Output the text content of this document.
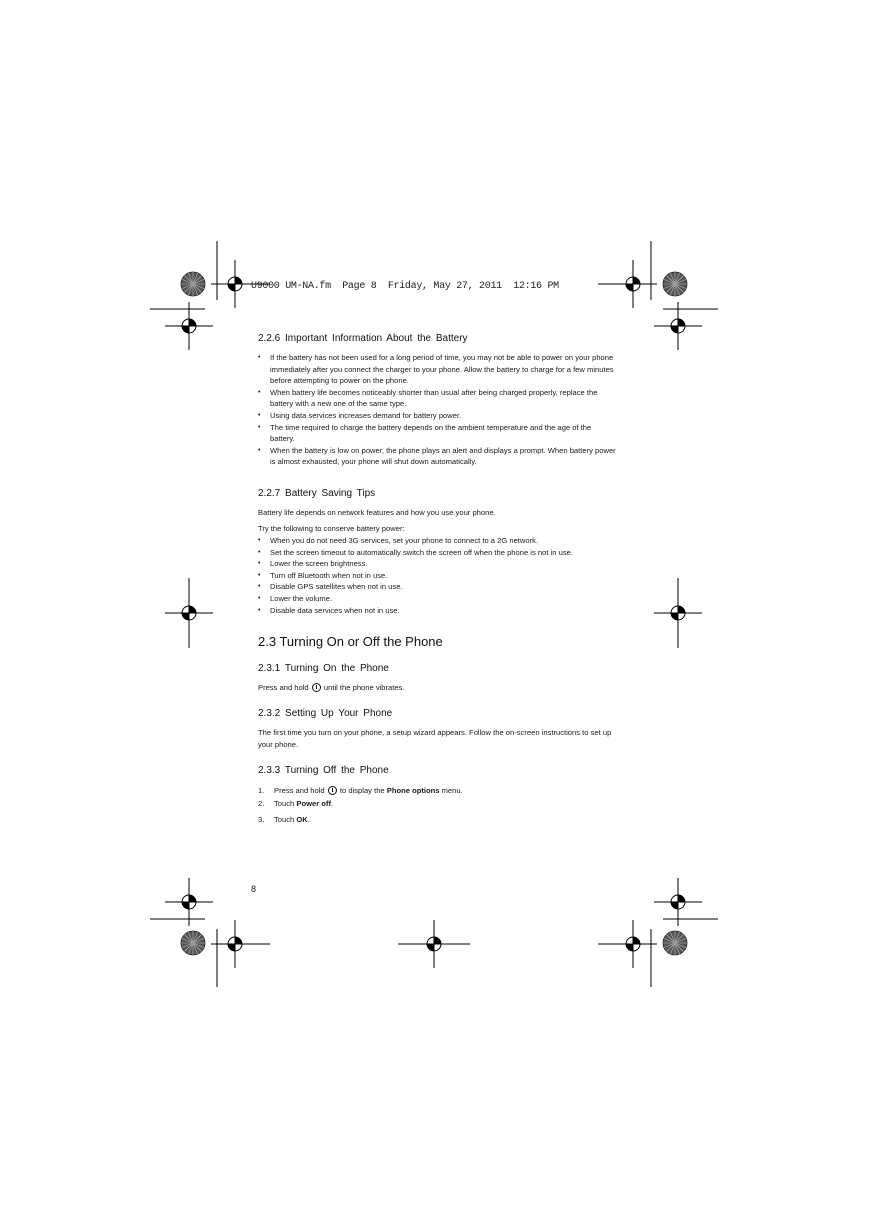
U9000 UM-NA.fm  Page 8  Friday, May 27, 2011  12:16 PM
2.2.6 Important Information About the Battery
• If the battery has not been used for a long period of time, you may not be able to power on your phone immediately after you connect the charger to your phone. Allow the battery to charge for a few minutes before attempting to power on the phone.
• When battery life becomes noticeably shorter than usual after being charged properly, replace the battery with a new one of the same type.
• Using data services increases demand for battery power.
• The time required to charge the battery depends on the ambient temperature and the age of the battery.
• When the battery is low on power, the phone plays an alert and displays a prompt. When battery power is almost exhausted, your phone will shut down automatically.
2.2.7 Battery Saving Tips

Battery life depends on network features and how you use your phone.

Try the following to conserve battery power:

• When you do not need 3G services, set your phone to connect to a 2G network.
• Set the screen timeout to automatically switch the screen off when the phone is not in use.
• Lower the screen brightness.
• Turn off Bluetooth when not in use.
• Disable GPS satellites when not in use.
• Lower the volume.
• Disable data services when not in use.
2.3 Turning On or Off the Phone
2.3.1 Turning On the Phone

Press and hold  until the phone vibrates.

2.3.2 Setting Up Your Phone

The first time you turn on your phone, a setup wizard appears. Follow the on-screen instructions to set up your phone.

2.3.3 Turning Off the Phone
1. Press and hold  to display the Phone options menu.
2. Touch Power off.
3. Touch OK.
8
